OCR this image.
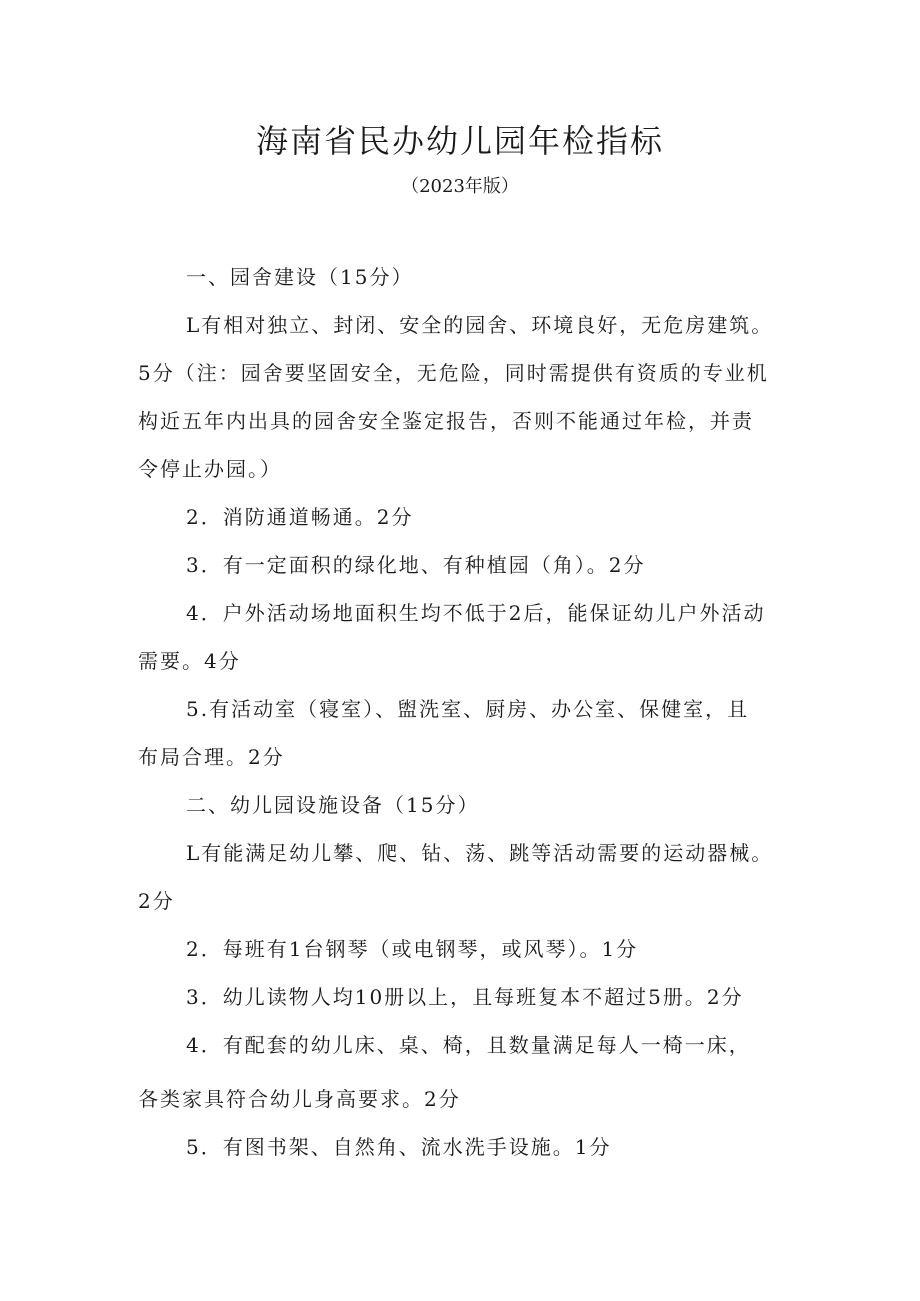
海南省民办幼儿园年检指标
（2023年版）
一、园舍建设（15分）
L有相对独立、封闭、安全的园舍、环境良好，无危房建筑。
5分（注：园舍要坚固安全，无危险，同时需提供有资质的专业机
构近五年内出具的园舍安全鉴定报告，否则不能通过年检，并责
令停止办园。）
2．消防通道畅通。2分
3．有一定面积的绿化地、有种植园（角）。2分
4．户外活动场地面积生均不低于2后，能保证幼儿户外活动
需要。4分
5.有活动室（寝室）、盥洗室、厨房、办公室、保健室，且
布局合理。2分
二、幼儿园设施设备（15分）
L有能满足幼儿攀、爬、钻、荡、跳等活动需要的运动器械。
2分
2．每班有1台钢琴（或电钢琴，或风琴）。1分
3．幼儿读物人均10册以上，且每班复本不超过5册。2分
4．有配套的幼儿床、桌、椅，且数量满足每人一椅一床，
各类家具符合幼儿身高要求。2分
5．有图书架、自然角、流水洗手设施。1分
